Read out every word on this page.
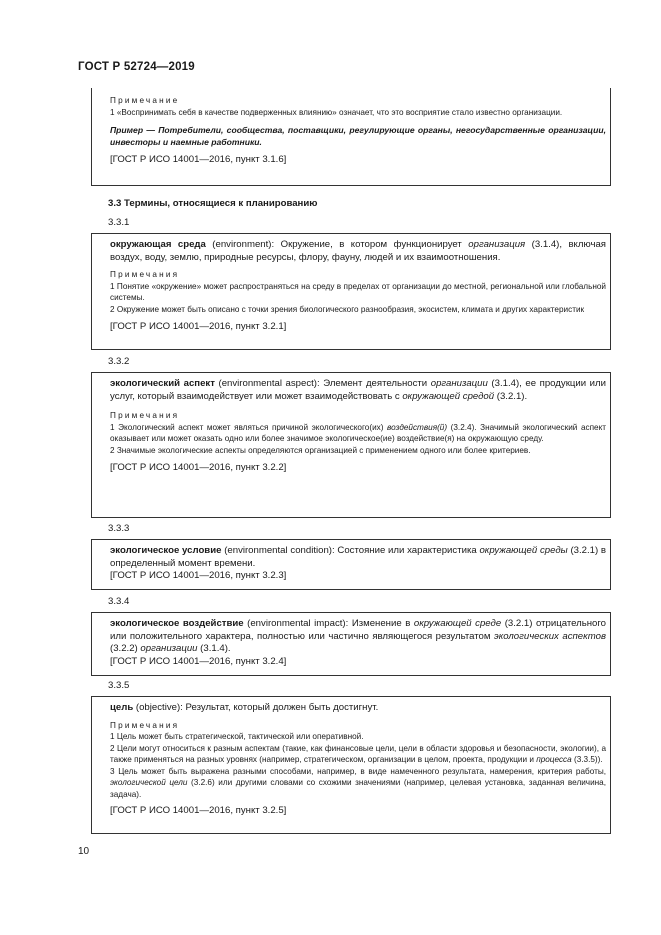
ГОСТ Р 52724—2019
Примечание

1 «Воспринимать себя в качестве подверженных влиянию» означает, что это восприятие стало известно организации.

Пример — Потребители, сообщества, поставщики, регулирующие органы, негосударственные организации, инвесторы и наемные работники.

[ГОСТ Р ИСО 14001—2016, пункт 3.1.6]

3.3 Термины, относящиеся к планированию
3.3.1

окружающая среда (environment): Окружение, в котором функционирует организация (3.1.4), включая воздух, воду, землю, природные ресурсы, флору, фауну, людей и их взаимоотношения.

Примечания

1 Понятие «окружение» может распространяться на среду в пределах от организации до местной, региональной или глобальной системы.

2 Окружение может быть описано с точки зрения биологического разнообразия, экосистем, климата и других характеристик

[ГОСТ Р ИСО 14001—2016, пункт 3.2.1]

3.3.2

экологический аспект (environmental aspect): Элемент деятельности организации (3.1.4), ее продукции или услуг, который взаимодействует или может взаимодействовать с окружающей средой (3.2.1).

Примечания

1 Экологический аспект может являться причиной экологического(их) воздействия(й) (3.2.4). Значимый экологический аспект оказывает или может оказать одно или более значимое экологическое(ие) воздействие(я) на окружающую среду.

2 Значимые экологические аспекты определяются организацией с применением одного или более критериев.

[ГОСТ Р ИСО 14001—2016, пункт 3.2.2]

3.3.3

экологическое условие (environmental condition): Состояние или характеристика окружающей среды (3.2.1) в определенный момент времени.

[ГОСТ Р ИСО 14001—2016, пункт 3.2.3]

3.3.4

экологическое воздействие (environmental impact): Изменение в окружающей среде (3.2.1) отрицательного или положительного характера, полностью или частично являющегося результатом экологических аспектов (3.2.2) организации (3.1.4).

[ГОСТ Р ИСО 14001—2016, пункт 3.2.4]

3.3.5

цель (objective): Результат, который должен быть достигнут.

Примечания

1 Цель может быть стратегической, тактической или оперативной.

2 Цели могут относиться к разным аспектам (такие, как финансовые цели, цели в области здоровья и безопасности, экологии), а также применяться на разных уровнях (например, стратегическом, организации в целом, проекта, продукции и процесса (3.3.5)).

3 Цель может быть выражена разными способами, например, в виде намеченного результата, намерения, критерия работы, экологической цели (3.2.6) или другими словами со схожими значениями (например, целевая установка, заданная величина, задача).

[ГОСТ Р ИСО 14001—2016, пункт 3.2.5]

10
